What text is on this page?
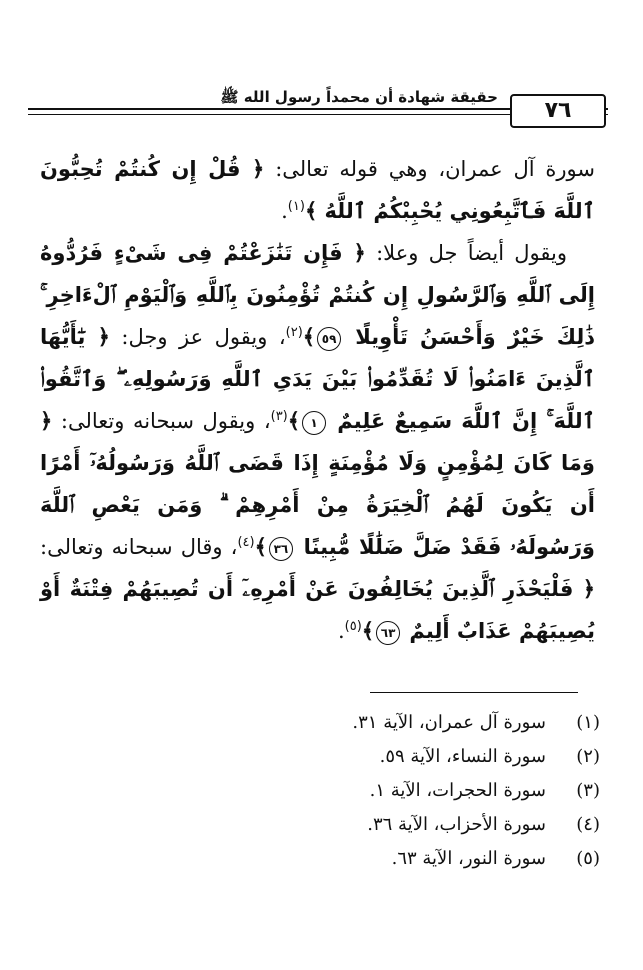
حقيقة شهادة أن محمداً رسول الله ﷺ
٧٦

سورة آل عمران، وهي قوله تعالى: ﴿ قُلْ إِن كُنتُمْ تُحِبُّونَ ٱللَّهَ فَٱتَّبِعُونِي يُحْبِبْكُمُ ٱللَّهُ ﴾$^{(١)}$.

ويقول أيضاً جل وعلا: ﴿ فَإِن تَنَٰزَعْتُمْ فِى شَىْءٍ فَرُدُّوهُ إِلَى ٱللَّهِ وَٱلرَّسُولِ إِن كُنتُمْ تُؤْمِنُونَ بِٱللَّهِ وَٱلْيَوْمِ ٱلْءَاخِرِ ۚ ذَٰلِكَ خَيْرٌ وَأَحْسَنُ تَأْوِيلًا ٥٩﴾$^{(٢)}$، ويقول عز وجل: ﴿ يَٰٓأَيُّهَا ٱلَّذِينَ ءَامَنُوا۟ لَا تُقَدِّمُوا۟ بَيْنَ يَدَىِ ٱللَّهِ وَرَسُولِهِۦ ۖ وَٱتَّقُوا۟ ٱللَّهَ ۚ إِنَّ ٱللَّهَ سَمِيعٌ عَلِيمٌ ١﴾$^{(٣)}$، ويقول سبحانه وتعالى: ﴿ وَمَا كَانَ لِمُؤْمِنٍ وَلَا مُؤْمِنَةٍ إِذَا قَضَى ٱللَّهُ وَرَسُولُهُۥٓ أَمْرًا أَن يَكُونَ لَهُمُ ٱلْخِيَرَةُ مِنْ أَمْرِهِمْ ۗ وَمَن يَعْصِ ٱللَّهَ وَرَسُولَهُۥ فَقَدْ ضَلَّ ضَلَٰلًا مُّبِينًا ٣٦﴾$^{(٤)}$، وقال سبحانه وتعالى: ﴿ فَلْيَحْذَرِ ٱلَّذِينَ يُخَالِفُونَ عَنْ أَمْرِهِۦٓ أَن تُصِيبَهُمْ فِتْنَةٌ أَوْ يُصِيبَهُمْ عَذَابٌ أَلِيمٌ ٦٣﴾$^{(٥)}$.

(١)سورة آل عمران، الآية ٣١.
(٢)سورة النساء، الآية ٥٩.
(٣)سورة الحجرات، الآية ١.
(٤)سورة الأحزاب، الآية ٣٦.
(٥)سورة النور، الآية ٦٣.
